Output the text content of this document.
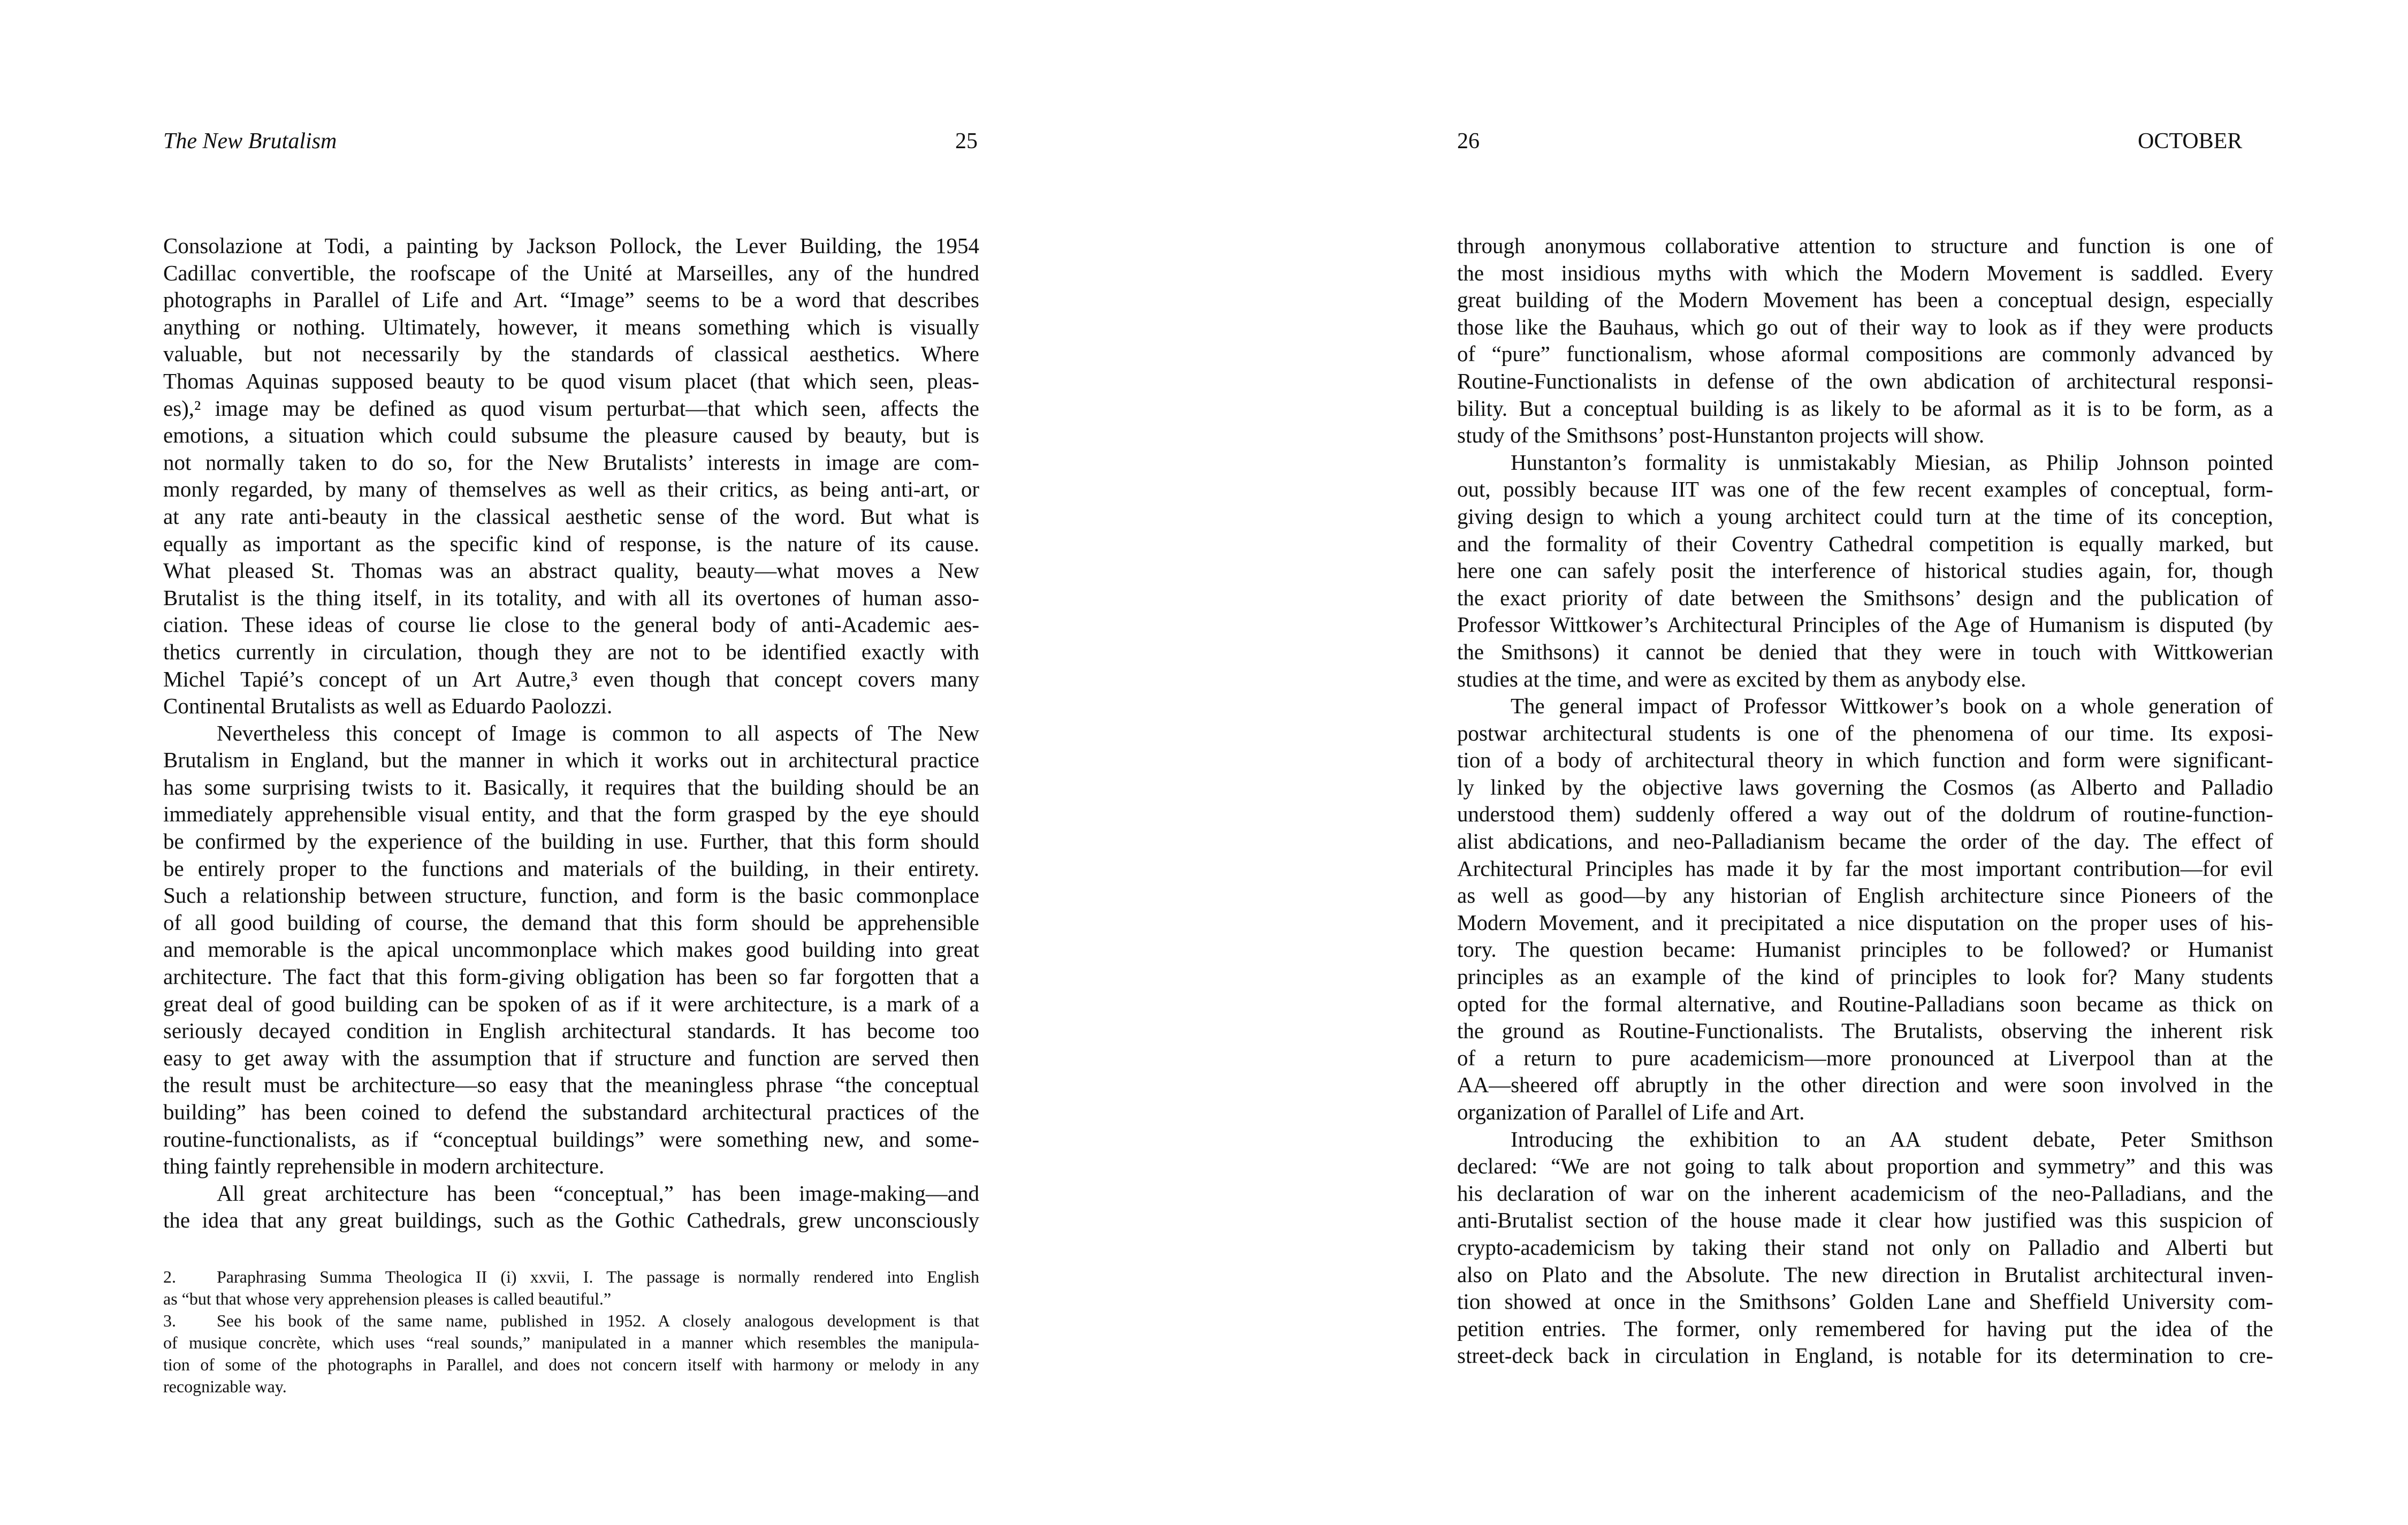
The New Brutalism	25
Consolazione at Todi, a painting by Jackson Pollock, the Lever Building, the 1954
Cadillac convertible, the roofscape of the Unité at Marseilles, any of the hundred
photographs in Parallel of Life and Art. “Image” seems to be a word that describes
anything or nothing. Ultimately, however, it means something which is visually
valuable, but not necessarily by the standards of classical aesthetics. Where
Thomas Aquinas supposed beauty to be quod visum placet (that which seen, pleas-
es),² image may be defined as quod visum perturbat—that which seen, affects the
emotions, a situation which could subsume the pleasure caused by beauty, but is
not normally taken to do so, for the New Brutalists’ interests in image are com-
monly regarded, by many of themselves as well as their critics, as being anti-art, or
at any rate anti-beauty in the classical aesthetic sense of the word. But what is
equally as important as the specific kind of response, is the nature of its cause.
What pleased St. Thomas was an abstract quality, beauty—what moves a New
Brutalist is the thing itself, in its totality, and with all its overtones of human asso-
ciation. These ideas of course lie close to the general body of anti-Academic aes-
thetics currently in circulation, though they are not to be identified exactly with
Michel Tapié’s concept of un Art Autre,³ even though that concept covers many
Continental Brutalists as well as Eduardo Paolozzi.
Nevertheless this concept of Image is common to all aspects of The New
Brutalism in England, but the manner in which it works out in architectural practice
has some surprising twists to it. Basically, it requires that the building should be an
immediately apprehensible visual entity, and that the form grasped by the eye should
be confirmed by the experience of the building in use. Further, that this form should
be entirely proper to the functions and materials of the building, in their entirety.
Such a relationship between structure, function, and form is the basic commonplace
of all good building of course, the demand that this form should be apprehensible
and memorable is the apical uncommonplace which makes good building into great
architecture. The fact that this form-giving obligation has been so far forgotten that a
great deal of good building can be spoken of as if it were architecture, is a mark of a
seriously decayed condition in English architectural standards. It has become too
easy to get away with the assumption that if structure and function are served then
the result must be architecture—so easy that the meaningless phrase “the conceptual
building” has been coined to defend the substandard architectural practices of the
routine-functionalists, as if “conceptual buildings” were something new, and some-
thing faintly reprehensible in modern architecture.
All great architecture has been “conceptual,” has been image-making—and
the idea that any great buildings, such as the Gothic Cathedrals, grew unconsciously
2. Paraphrasing Summa Theologica II (i) xxvii, I. The passage is normally rendered into English
as “but that whose very apprehension pleases is called beautiful.”
3. See his book of the same name, published in 1952. A closely analogous development is that
of musique concrète, which uses “real sounds,” manipulated in a manner which resembles the manipula-
tion of some of the photographs in Parallel, and does not concern itself with harmony or melody in any
recognizable way.
26	OCTOBER
through anonymous collaborative attention to structure and function is one of
the most insidious myths with which the Modern Movement is saddled. Every
great building of the Modern Movement has been a conceptual design, especially
those like the Bauhaus, which go out of their way to look as if they were products
of “pure” functionalism, whose aformal compositions are commonly advanced by
Routine-Functionalists in defense of the own abdication of architectural responsi-
bility. But a conceptual building is as likely to be aformal as it is to be form, as a
study of the Smithsons’ post-Hunstanton projects will show.
Hunstanton’s formality is unmistakably Miesian, as Philip Johnson pointed
out, possibly because IIT was one of the few recent examples of conceptual, form-
giving design to which a young architect could turn at the time of its conception,
and the formality of their Coventry Cathedral competition is equally marked, but
here one can safely posit the interference of historical studies again, for, though
the exact priority of date between the Smithsons’ design and the publication of
Professor Wittkower’s Architectural Principles of the Age of Humanism is disputed (by
the Smithsons) it cannot be denied that they were in touch with Wittkowerian
studies at the time, and were as excited by them as anybody else.
The general impact of Professor Wittkower’s book on a whole generation of
postwar architectural students is one of the phenomena of our time. Its exposi-
tion of a body of architectural theory in which function and form were significant-
ly linked by the objective laws governing the Cosmos (as Alberto and Palladio
understood them) suddenly offered a way out of the doldrum of routine-function-
alist abdications, and neo-Palladianism became the order of the day. The effect of
Architectural Principles has made it by far the most important contribution—for evil
as well as good—by any historian of English architecture since Pioneers of the
Modern Movement, and it precipitated a nice disputation on the proper uses of his-
tory. The question became: Humanist principles to be followed? or Humanist
principles as an example of the kind of principles to look for? Many students
opted for the formal alternative, and Routine-Palladians soon became as thick on
the ground as Routine-Functionalists. The Brutalists, observing the inherent risk
of a return to pure academicism—more pronounced at Liverpool than at the
AA—sheered off abruptly in the other direction and were soon involved in the
organization of Parallel of Life and Art.
Introducing the exhibition to an AA student debate, Peter Smithson
declared: “We are not going to talk about proportion and symmetry” and this was
his declaration of war on the inherent academicism of the neo-Palladians, and the
anti-Brutalist section of the house made it clear how justified was this suspicion of
crypto-academicism by taking their stand not only on Palladio and Alberti but
also on Plato and the Absolute. The new direction in Brutalist architectural inven-
tion showed at once in the Smithsons’ Golden Lane and Sheffield University com-
petition entries. The former, only remembered for having put the idea of the
street-deck back in circulation in England, is notable for its determination to cre-
